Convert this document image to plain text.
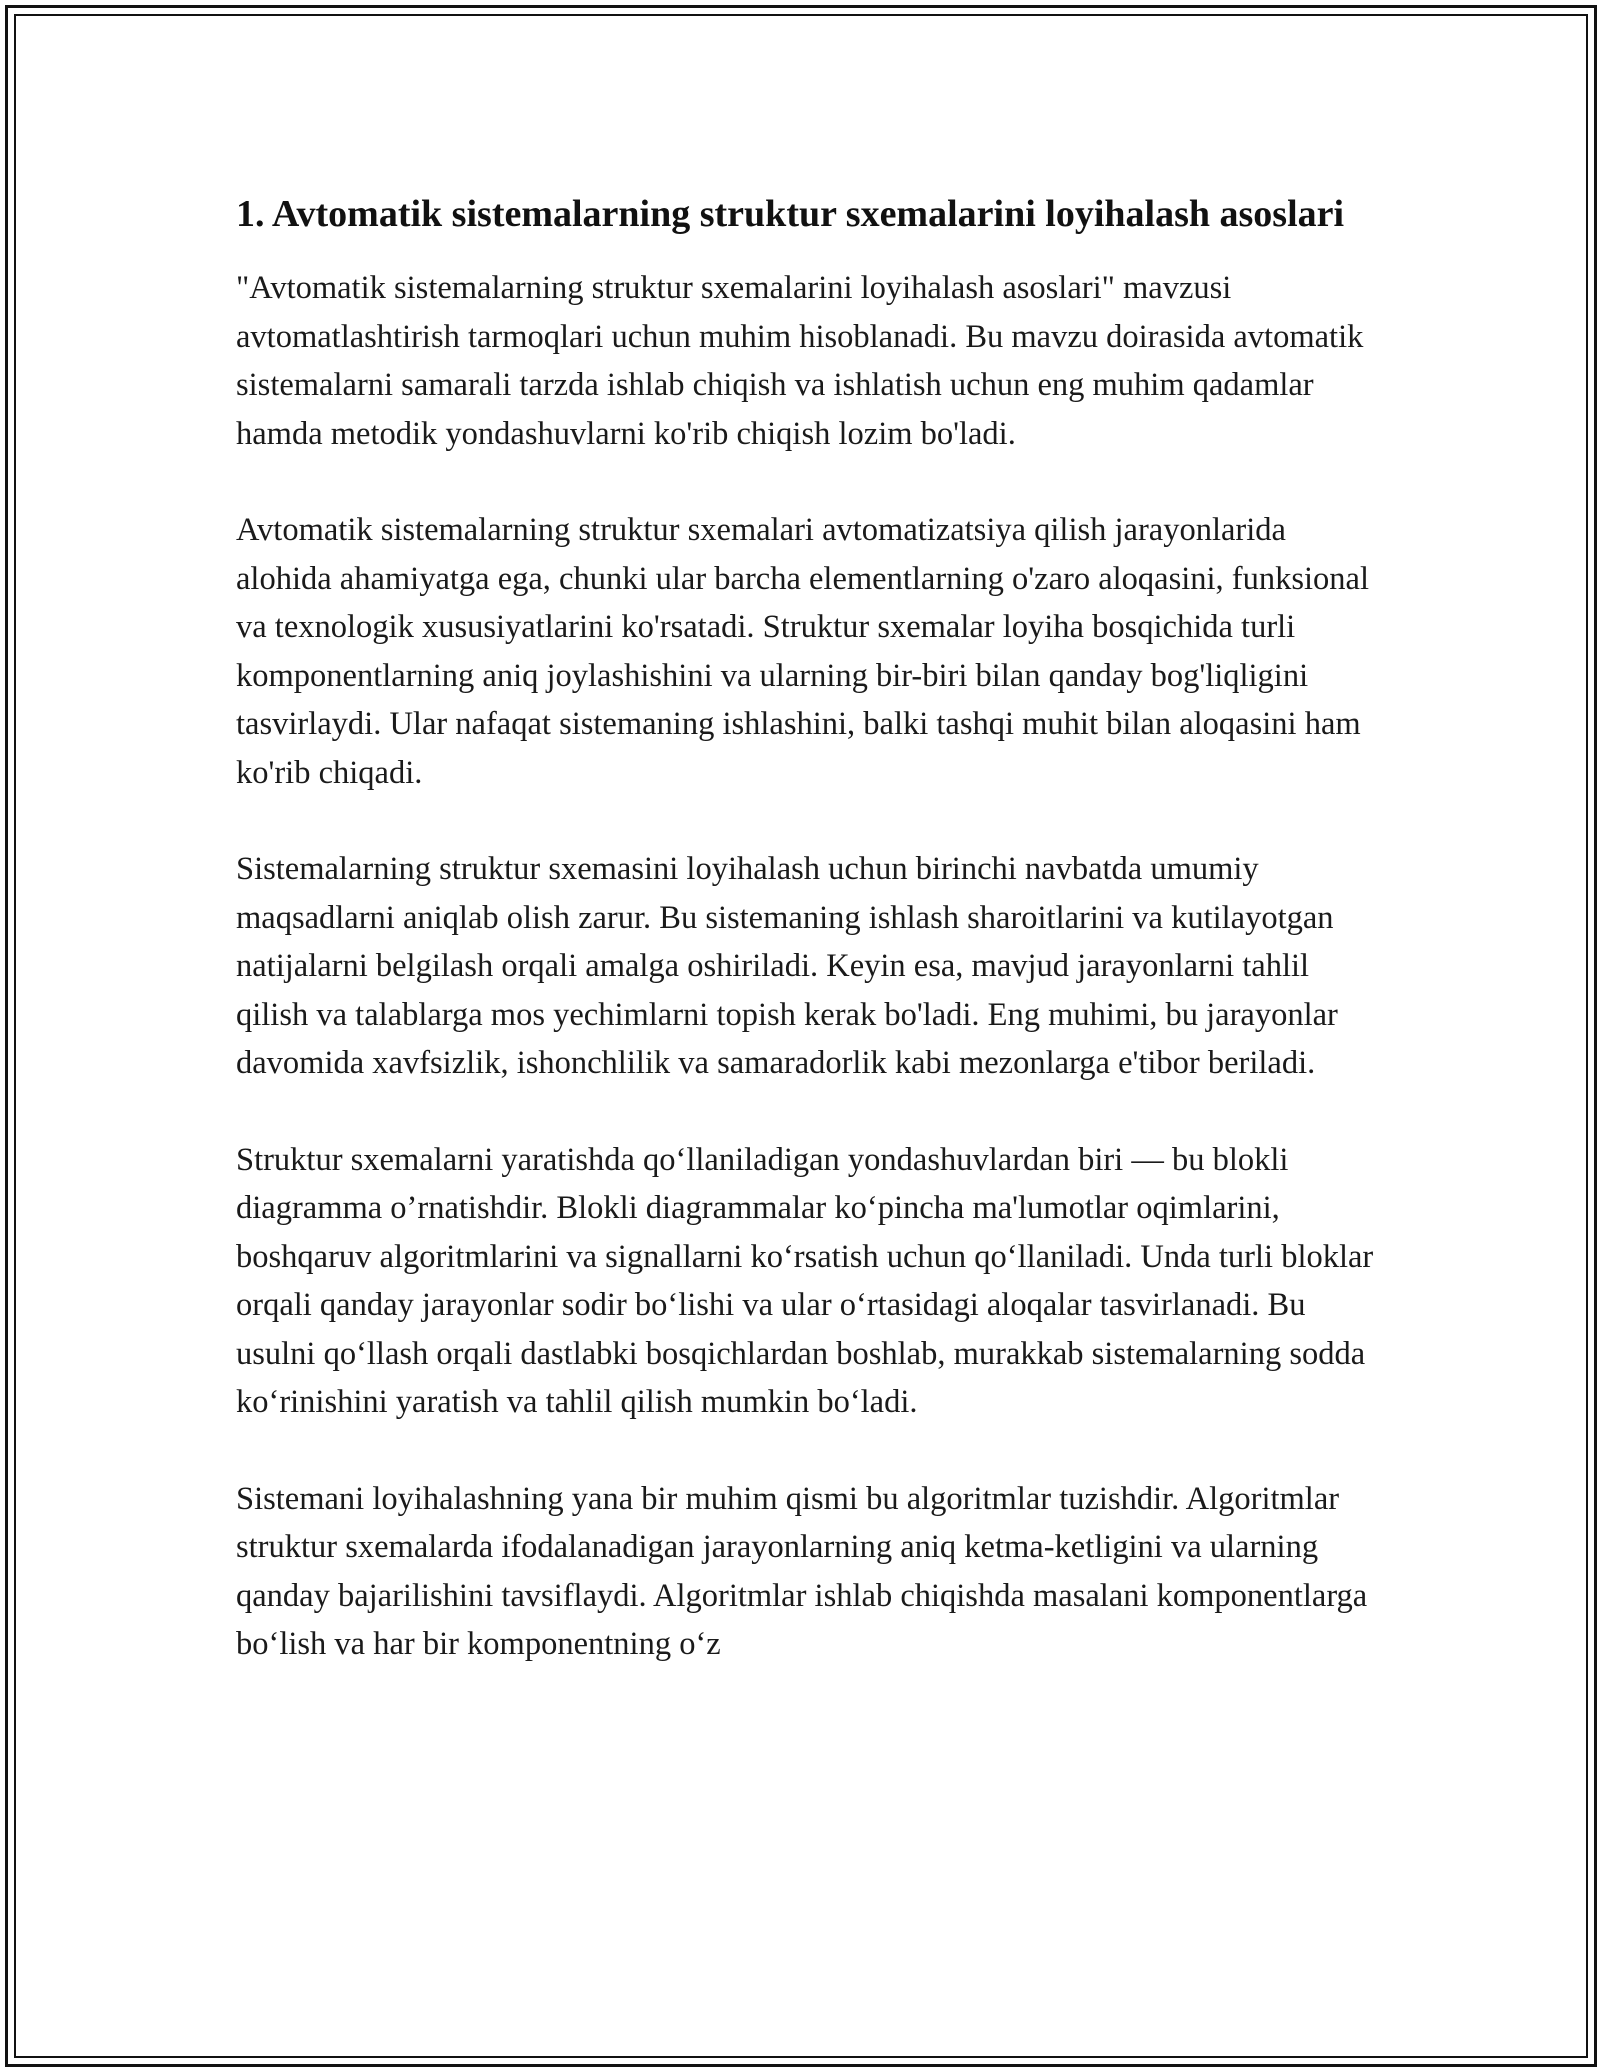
1. Avtomatik sistemalarning struktur sxemalarini loyihalash asoslari

"Avtomatik sistemalarning struktur sxemalarini loyihalash asoslari" mavzusi avtomatlashtirish tarmoqlari uchun muhim hisoblanadi. Bu mavzu doirasida avtomatik sistemalarni samarali tarzda ishlab chiqish va ishlatish uchun eng muhim qadamlar hamda metodik yondashuvlarni ko'rib chiqish lozim bo'ladi.

Avtomatik sistemalarning struktur sxemalari avtomatizatsiya qilish jarayonlarida alohida ahamiyatga ega, chunki ular barcha elementlarning o'zaro aloqasini, funksional va texnologik xususiyatlarini ko'rsatadi. Struktur sxemalar loyiha bosqichida turli komponentlarning aniq joylashishini va ularning bir-biri bilan qanday bog'liqligini tasvirlaydi. Ular nafaqat sistemaning ishlashini, balki tashqi muhit bilan aloqasini ham ko'rib chiqadi.

Sistemalarning struktur sxemasini loyihalash uchun birinchi navbatda umumiy maqsadlarni aniqlab olish zarur. Bu sistemaning ishlash sharoitlarini va kutilayotgan natijalarni belgilash orqali amalga oshiriladi. Keyin esa, mavjud jarayonlarni tahlil qilish va talablarga mos yechimlarni topish kerak bo'ladi. Eng muhimi, bu jarayonlar davomida xavfsizlik, ishonchlilik va samaradorlik kabi mezonlarga e'tibor beriladi.

Struktur sxemalarni yaratishda qo‘llaniladigan yondashuvlardan biri — bu blokli diagramma o’rnatishdir. Blokli diagrammalar ko‘pincha ma'lumotlar oqimlarini, boshqaruv algoritmlarini va signallarni ko‘rsatish uchun qo‘llaniladi. Unda turli bloklar orqali qanday jarayonlar sodir bo‘lishi va ular o‘rtasidagi aloqalar tasvirlanadi. Bu usulni qo‘llash orqali dastlabki bosqichlardan boshlab, murakkab sistemalarning sodda ko‘rinishini yaratish va tahlil qilish mumkin bo‘ladi.

Sistemani loyihalashning yana bir muhim qismi bu algoritmlar tuzishdir. Algoritmlar struktur sxemalarda ifodalanadigan jarayonlarning aniq ketma-ketligini va ularning qanday bajarilishini tavsiflaydi. Algoritmlar ishlab chiqishda masalani komponentlarga bo‘lish va har bir komponentning o‘z
